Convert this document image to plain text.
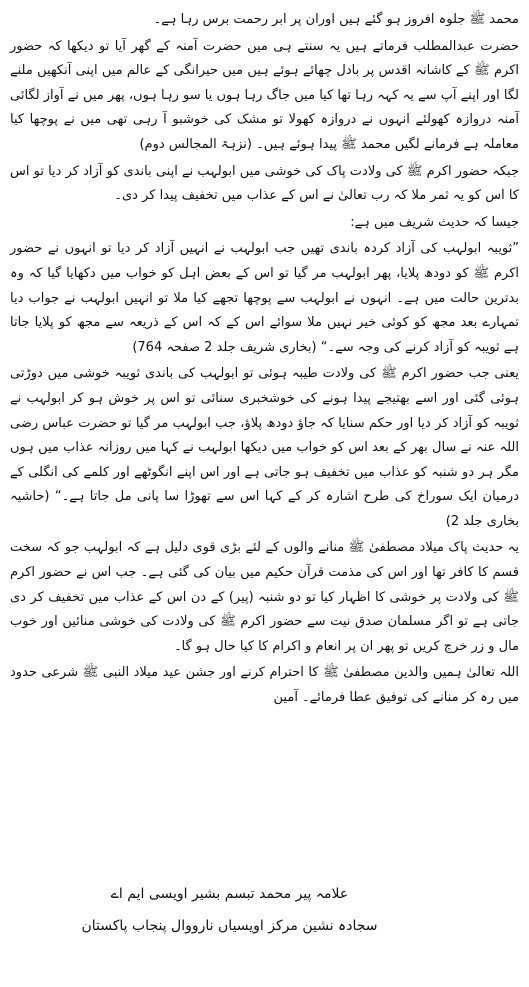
محمد ﷺ جلوہ افروز ہو گئے ہیں اوران پر ابر رحمت برس رہا ہے۔

حضرت عبدالمطلب فرماتے ہیں یہ سنتے ہی میں حضرت آمنہ کے گھر آیا تو دیکھا کہ حضور اکرم ﷺ کے کاشانہ اقدس پر بادل چھائے ہوئے ہیں میں حیرانگی کے عالم میں اپنی آنکھیں ملنے لگا اور اپنے آپ سے یہ کہہ رہا تھا کیا میں جاگ رہا ہوں یا سو رہا ہوں، پھر میں نے آواز لگائی آمنہ دروازہ کھولئے انہوں نے دروازہ کھولا تو مشک کی خوشبو آ رہی تھی میں نے پوچھا کیا معاملہ ہے فرمانے لگیں محمد ﷺ پیدا ہوئے ہیں۔ (نزہۃ المجالس دوم)

جبکہ حضور اکرم ﷺ کی ولادت پاک کی خوشی میں ابولہب نے اپنی باندی کو آزاد کر دیا تو اس کا اس کو یہ ثمر ملا کہ رب تعالیٰ نے اس کے عذاب میں تخفیف پیدا کر دی۔

جیسا کہ حدیث شریف میں ہے:

”ثویبہ ابولہب کی آزاد کردہ باندی تھیں جب ابولہب نے انہیں آزاد کر دیا تو انہوں نے حضور اکرم ﷺ کو دودھ پلایا، پھر ابولہب مر گیا تو اس کے بعض اہل کو خواب میں دکھایا گیا کہ وہ بدترین حالت میں ہے۔ انہوں نے ابولہب سے پوچھا تجھے کیا ملا تو انہیں ابولہب نے جواب دیا تمہارے بعد مجھ کو کوئی خیر نہیں ملا سوائے اس کے کہ اس کے ذریعہ سے مجھ کو پلایا جاتا ہے ثویبہ کو آزاد کرنے کی وجہ سے۔“ (بخاری شریف جلد 2 صفحہ 764)

یعنی جب حضور اکرم ﷺ کی ولادت طیبہ ہوئی تو ابولہب کی باندی ثویبہ خوشی میں دوڑتی ہوئی گئی اور اسے بھتیجے پیدا ہونے کی خوشخبری سنائی تو اس پر خوش ہو کر ابولہب نے ثویبہ کو آزاد کر دیا اور حکم سنایا کہ جاؤ دودھ پلاؤ، جب ابولہب مر گیا تو حضرت عباس رضی اللہ عنہ نے سال بھر کے بعد اس کو خواب میں دیکھا ابولہب نے کہا میں روزانہ عذاب میں ہوں مگر ہر دو شنبہ کو عذاب میں تخفیف ہو جاتی ہے اور اس اپنے انگوٹھے اور کلمے کی انگلی کے درمیان ایک سوراخ کی طرح اشارہ کر کے کہا اس سے تھوڑا سا پانی مل جاتا ہے۔“ (حاشیہ بخاری جلد 2)

یہ حدیث پاک میلاد مصطفیٰ ﷺ منانے والوں کے لئے بڑی قوی دلیل ہے کہ ابولہب جو کہ سخت قسم کا کافر تھا اور اس کی مذمت قرآن حکیم میں بیان کی گئی ہے۔ جب اس نے حضور اکرم ﷺ کی ولادت پر خوشی کا اظہار کیا تو دو شنبہ (پیر) کے دن اس کے عذاب میں تخفیف کر دی جاتی ہے تو اگر مسلمان صدق نیت سے حضور اکرم ﷺ کی ولادت کی خوشی منائیں اور خوب مال و زر خرچ کریں تو پھر ان پر انعام و اکرام کا کیا حال ہو گا۔

اللہ تعالیٰ ہمیں والدین مصطفیٰ ﷺ کا احترام کرنے اور جشن عید میلاد النبی ﷺ شرعی حدود میں رہ کر منانے کی توفیق عطا فرمائے۔ آمین

علامہ پیر محمد تبسم بشیر اویسی ایم اے
سجادہ نشین مرکز اویسیاں نارووال پنجاب پاکستان
